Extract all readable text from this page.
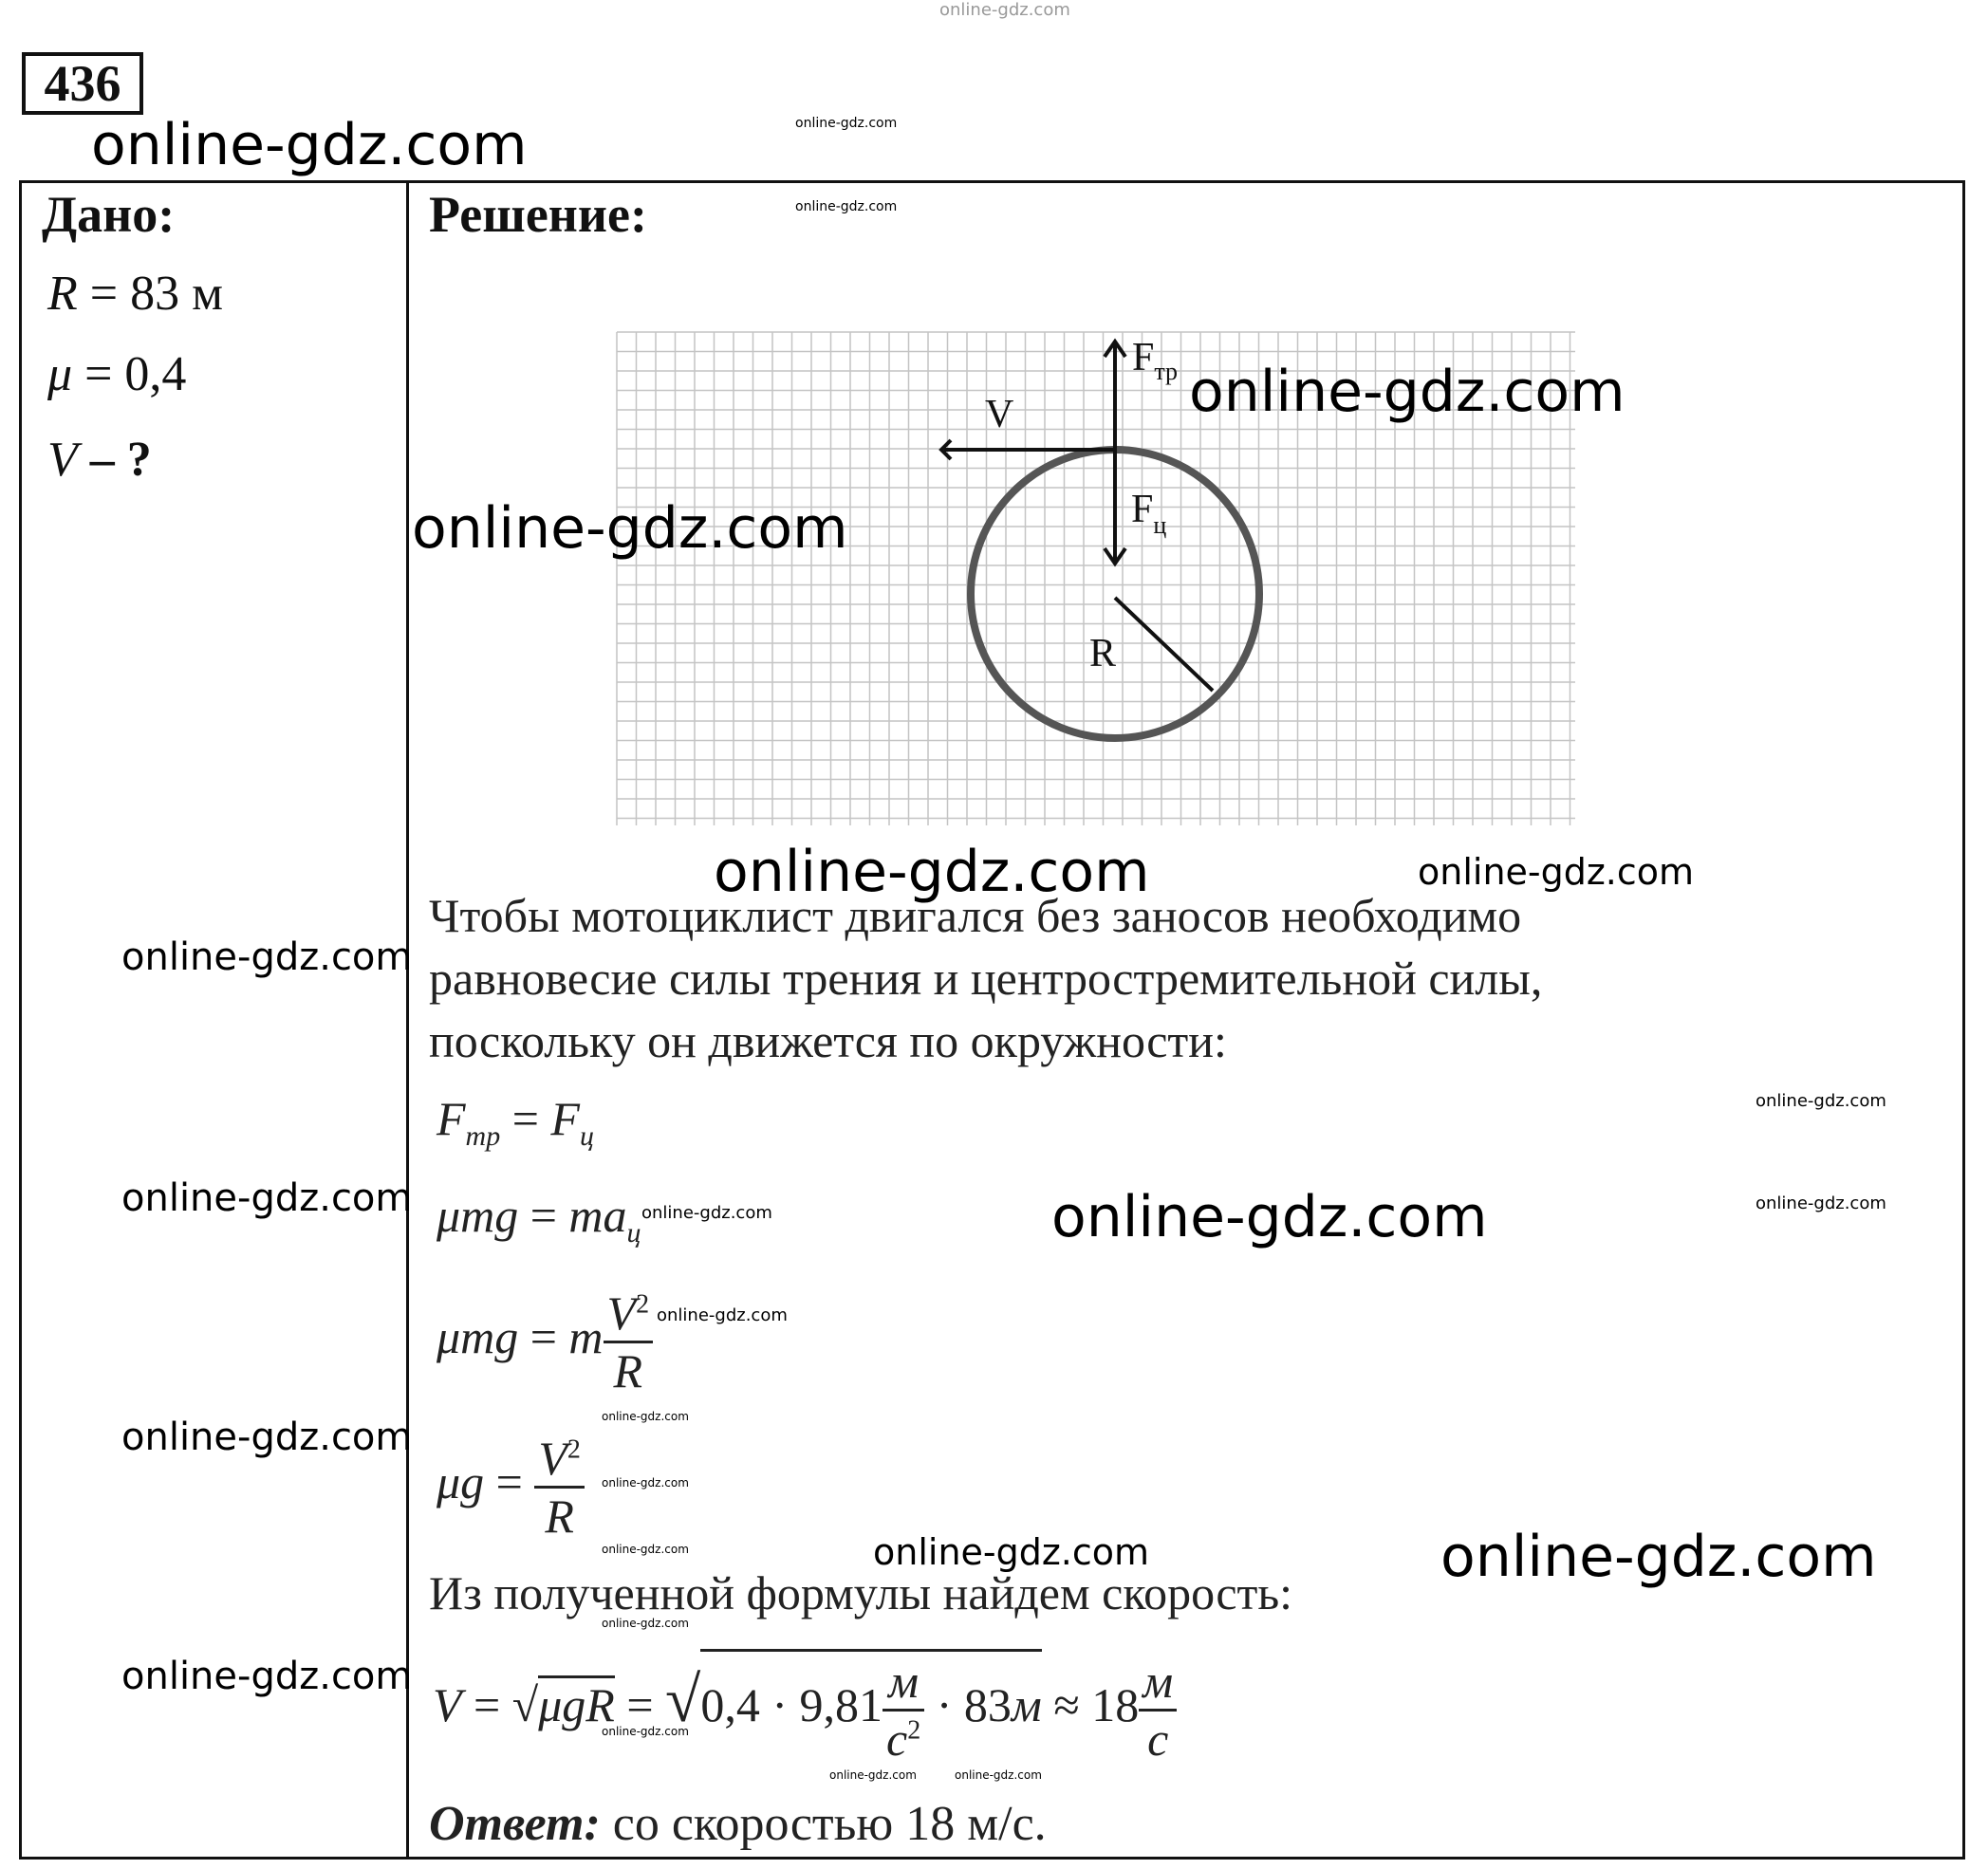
436
Дано:
R = 83 м
μ = 0,4
V – ?
Решение:
$F_{тр}$
V
$F_ц$
R
Чтобы мотоциклист двигался без заносов необходимо
равновесие силы трения и центростремительной силы,
поскольку он движется по окружности:
$F_{тр} = F_ц$
$\mu mg = ma_ц$
μmg = m $\frac{V^2}{R}$
$\mu g = \frac{V^2}{R}$
Из полученной формулы найдем скорость:
$V = √\mu gR = √0,4 \cdot 9,81 \frac{м}{с^2} \cdot 83м \approx 18 \frac{м}{с}$
Ответ: со скоростью 18 м/с.
online-gdz.com
online-gdz.com	online-gdz.com
online-gdz.com
online-gdz.com
online-gdz.com
online-gdz.com	online-gdz.com
online-gdz.com
online-gdz.com
online-gdz.com	online-gdz.com	online-gdz.com
online-gdz.com
online-gdz.com
online-gdz.com
online-gdz.com
online-gdz.com
online-gdz.com	online-gdz.com	online-gdz.com
online-gdz.com
online-gdz.com
online-gdz.com
online-gdz.com	online-gdz.com
